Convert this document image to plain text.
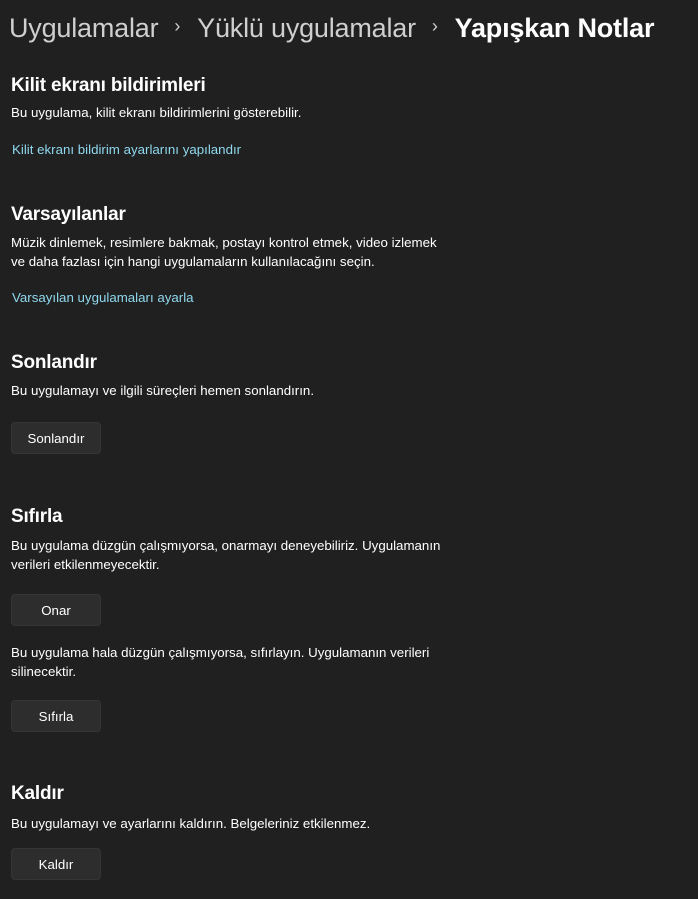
Uygulamalar › Yüklü uygulamalar › Yapışkan Notlar
Kilit ekranı bildirimleri

Bu uygulama, kilit ekranı bildirimlerini gösterebilir.

Kilit ekranı bildirim ayarlarını yapılandır
Varsayılanlar

Müzik dinlemek, resimlere bakmak, postayı kontrol etmek, video izlemek

ve daha fazlası için hangi uygulamaların kullanılacağını seçin.

Varsayılan uygulamaları ayarla
Sonlandır

Bu uygulamayı ve ilgili süreçleri hemen sonlandırın.

Sonlandır
Sıfırla

Bu uygulama düzgün çalışmıyorsa, onarmayı deneyebiliriz. Uygulamanın

verileri etkilenmeyecektir.

Onar

Bu uygulama hala düzgün çalışmıyorsa, sıfırlayın. Uygulamanın verileri

silinecektir.

Sıfırla
Kaldır

Bu uygulamayı ve ayarlarını kaldırın. Belgeleriniz etkilenmez.

Kaldır
